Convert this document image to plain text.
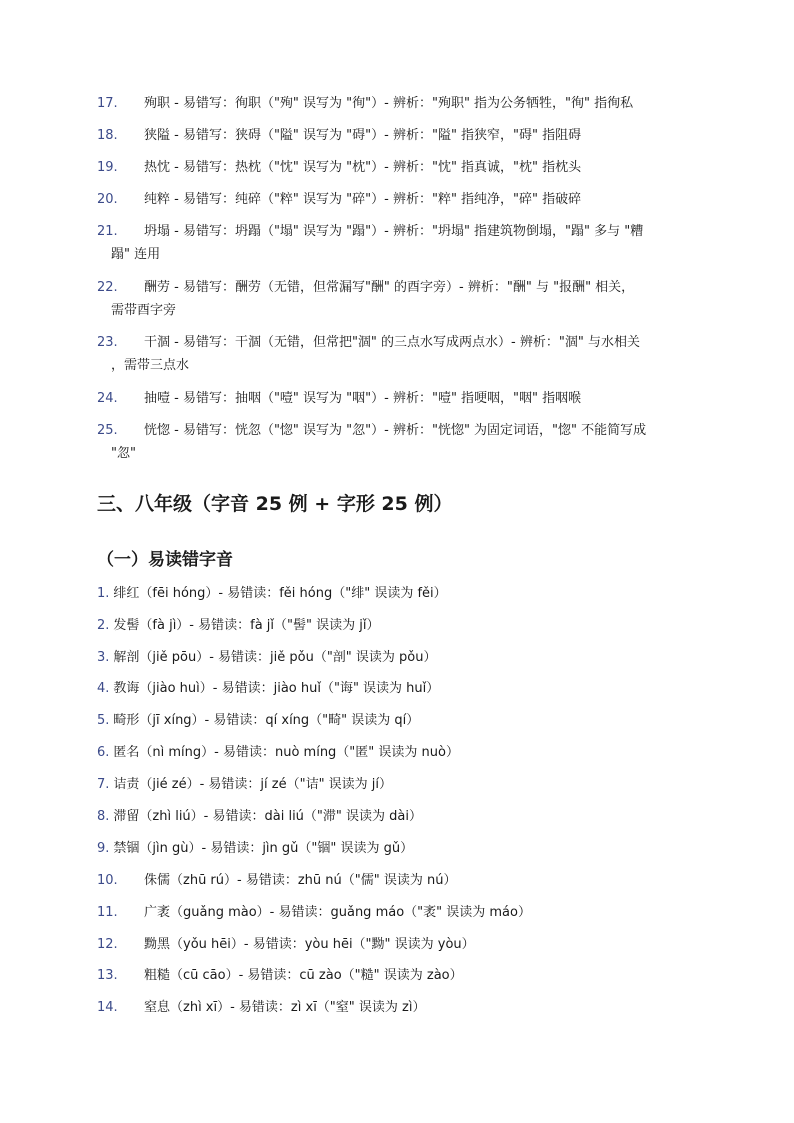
17. 殉职 - 易错写：徇职（"殉" 误写为 "徇"）- 辨析："殉职" 指为公务牺牲，"徇" 指徇私
18. 狭隘 - 易错写：狭碍（"隘" 误写为 "碍"）- 辨析："隘" 指狭窄，"碍" 指阻碍
19. 热忱 - 易错写：热枕（"忱" 误写为 "枕"）- 辨析："忱" 指真诚，"枕" 指枕头
20. 纯粹 - 易错写：纯碎（"粹" 误写为 "碎"）- 辨析："粹" 指纯净，"碎" 指破碎
21. 坍塌 - 易错写：坍蹋（"塌" 误写为 "蹋"）- 辨析："坍塌" 指建筑物倒塌，"蹋" 多与 "糟
蹋" 连用
22. 酬劳 - 易错写：酬劳（无错，但常漏写"酬" 的酉字旁）- 辨析："酬" 与 "报酬" 相关，
需带酉字旁
23. 干涸 - 易错写：干涸（无错，但常把"涸" 的三点水写成两点水）- 辨析："涸" 与水相关
，需带三点水
24. 抽噎 - 易错写：抽咽（"噎" 误写为 "咽"）- 辨析："噎" 指哽咽，"咽" 指咽喉
25. 恍惚 - 易错写：恍忽（"惚" 误写为 "忽"）- 辨析："恍惚" 为固定词语，"惚" 不能简写成
"忽"
三、八年级（字音 25 例 + 字形 25 例）
（一）易读错字音
1. 绯红（fēi hóng）- 易错读：fěi hóng（"绯" 误读为 fěi）
2. 发髻（fà jì）- 易错读：fà jǐ（"髻" 误读为 jǐ）
3. 解剖（jiě pōu）- 易错读：jiě pǒu（"剖" 误读为 pǒu）
4. 教诲（jiào huì）- 易错读：jiào huǐ（"诲" 误读为 huǐ）
5. 畸形（jī xíng）- 易错读：qí xíng（"畸" 误读为 qí）
6. 匿名（nì míng）- 易错读：nuò míng（"匿" 误读为 nuò）
7. 诘责（jié zé）- 易错读：jí zé（"诘" 误读为 jí）
8. 滞留（zhì liú）- 易错读：dài liú（"滞" 误读为 dài）
9. 禁锢（jìn gù）- 易错读：jìn gǔ（"锢" 误读为 gǔ）
10. 侏儒（zhū rú）- 易错读：zhū nú（"儒" 误读为 nú）
11. 广袤（guǎng mào）- 易错读：guǎng máo（"袤" 误读为 máo）
12. 黝黑（yǒu hēi）- 易错读：yòu hēi（"黝" 误读为 yòu）
13. 粗糙（cū cāo）- 易错读：cū zào（"糙" 误读为 zào）
14. 窒息（zhì xī）- 易错读：zì xī（"窒" 误读为 zì）
